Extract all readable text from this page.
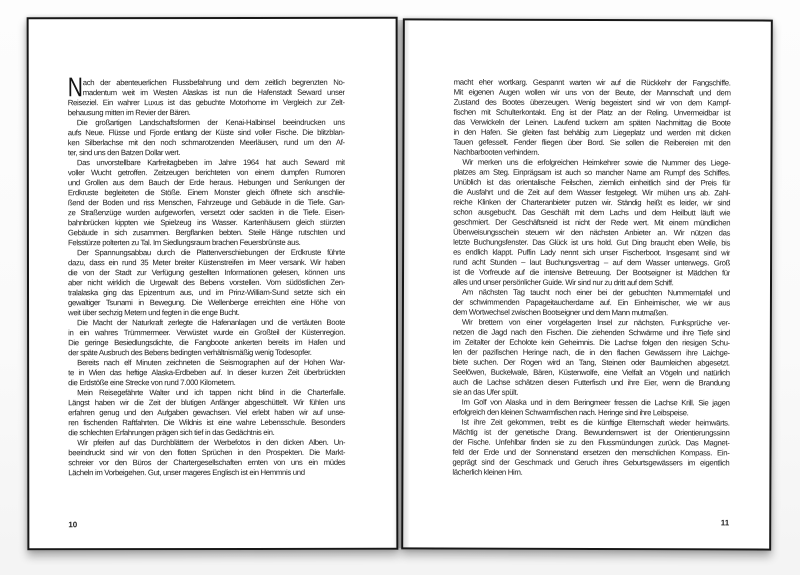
N ach der abenteuerlichen Flussbefahrung und dem zeitlich begrenzten No-
madentum weit im Westen Alaskas ist nun die Hafenstadt Seward unser
Reiseziel. Ein wahrer Luxus ist das gebuchte Motorhome im Vergleich zur Zelt-
behausung mitten im Revier der Bären.
Die großartigen Landschaftsformen der Kenai-Halbinsel beeindrucken uns
aufs Neue. Flüsse und Fjorde entlang der Küste sind voller Fische. Die blitzblan-
ken Silberlachse mit den noch schmarotzenden Meerläusen, rund um den Af-
ter, sind uns den Batzen Dollar wert.
Das unvorstellbare Karfreitagbeben im Jahre 1964 hat auch Seward mit
voller Wucht getroffen. Zeitzeugen berichteten von einem dumpfen Rumoren
und Grollen aus dem Bauch der Erde heraus. Hebungen und Senkungen der
Erdkruste begleiteten die Stöße. Einem Monster gleich öffnete sich anschlie-
ßend der Boden und riss Menschen, Fahrzeuge und Gebäude in die Tiefe. Gan-
ze Straßenzüge wurden aufgeworfen, versetzt oder sackten in die Tiefe. Eisen-
bahnbrücken kippten wie Spielzeug ins Wasser. Kartenhäusern gleich stürzten
Gebäude in sich zusammen. Bergflanken bebten. Steile Hänge rutschten und
Felsstürze polterten zu Tal. Im Siedlungsraum brachen Feuersbrünste aus.
Der Spannungsabbau durch die Plattenverschiebungen der Erdkruste führte
dazu, dass ein rund 35 Meter breiter Küstenstreifen im Meer versank. Wir haben
die von der Stadt zur Verfügung gestellten Informationen gelesen, können uns
aber nicht wirklich die Urgewalt des Bebens vorstellen. Vom südöstlichen Zen-
tralalaska ging das Epizentrum aus, und im Prinz-William-Sund setzte sich ein
gewaltiger Tsunami in Bewegung. Die Wellenberge erreichten eine Höhe von
weit über sechzig Metern und fegten in die enge Bucht.
Die Macht der Naturkraft zerlegte die Hafenanlagen und die vertäuten Boote
in ein wahres Trümmermeer. Verwüstet wurde ein Großteil der Küstenregion.
Die geringe Besiedlungsdichte, die Fangboote ankerten bereits im Hafen und
der späte Ausbruch des Bebens bedingten verhältnismäßig wenig Todesopfer.
Bereits nach elf Minuten zeichneten die Seismographen auf der Hohen War-
te in Wien das heftige Alaska-Erdbeben auf. In dieser kurzen Zeit überbrückten
die Erdstöße eine Strecke von rund 7.000 Kilometern.
Mein Reisegefährte Walter und ich tappen nicht blind in die Charterfalle.
Längst haben wir die Zeit der blutigen Anfänger abgeschüttelt. Wir fühlen uns
erfahren genug und den Aufgaben gewachsen. Viel erlebt haben wir auf unse-
ren fischenden Raftfahrten. Die Wildnis ist eine wahre Lebensschule. Besonders
die schlechten Erfahrungen prägen sich tief in das Gedächtnis ein.
Wir pfeifen auf das Durchblättern der Werbefotos in den dicken Alben. Un-
beeindruckt sind wir von den flotten Sprüchen in den Prospekten. Die Markt-
schreier vor den Büros der Chartergesellschaften ernten von uns ein müdes
Lächeln im Vorbeigehen. Gut, unser mageres Englisch ist ein Hemmnis und
10
macht eher wortkarg. Gespannt warten wir auf die Rückkehr der Fangschiffe.
Mit eigenen Augen wollen wir uns von der Beute, der Mannschaft und dem
Zustand des Bootes überzeugen. Wenig begeistert sind wir von dem Kampf-
fischen mit Schulterkontakt. Eng ist der Platz an der Reling. Unvermeidbar ist
das Verwickeln der Leinen. Laufend tuckern am späten Nachmittag die Boote
in den Hafen. Sie gleiten fast behäbig zum Liegeplatz und werden mit dicken
Tauen gefesselt. Fender fliegen über Bord. Sie sollen die Reibereien mit den
Nachbarbooten verhindern.
Wir merken uns die erfolgreichen Heimkehrer sowie die Nummer des Liege-
platzes am Steg. Einprägsam ist auch so mancher Name am Rumpf des Schiffes.
Unüblich ist das orientalische Feilschen, ziemlich einheitlich sind der Preis für
die Ausfahrt und die Zeit auf dem Wasser festgelegt. Wir mühen uns ab. Zahl-
reiche Klinken der Charteranbieter putzen wir. Ständig heißt es leider, wir sind
schon ausgebucht. Das Geschäft mit dem Lachs und dem Heilbutt läuft wie
geschmiert. Der Geschäftsneid ist nicht der Rede wert. Mit einem mündlichen
Überweisungsschein steuern wir den nächsten Anbieter an. Wir nützen das
letzte Buchungsfenster. Das Glück ist uns hold. Gut Ding braucht eben Weile, bis
es endlich klappt. Puffin Lady nennt sich unser Fischerboot. Insgesamt sind wir
rund acht Stunden – laut Buchungsvertrag – auf dem Wasser unterwegs. Groß
ist die Vorfreude auf die intensive Betreuung. Der Bootseigner ist Mädchen für
alles und unser persönlicher Guide. Wir sind nur zu dritt auf dem Schiff.
Am nächsten Tag taucht noch einer bei der gebuchten Nummerntafel und
der schwimmenden Papageitaucherdame auf. Ein Einheimischer, wie wir aus
dem Wortwechsel zwischen Bootseigner und dem Mann mutmaßen.
Wir brettern von einer vorgelagerten Insel zur nächsten. Funksprüche ver-
netzen die Jagd nach den Fischen. Die ziehenden Schwärme und ihre Tiefe sind
im Zeitalter der Echolote kein Geheimnis. Die Lachse folgen den riesigen Schu-
len der pazifischen Heringe nach, die in den flachen Gewässern ihre Laichge-
biete suchen. Der Rogen wird an Tang, Steinen oder Baumleichen abgesetzt.
Seelöwen, Buckelwale, Bären, Küstenwolfe, eine Vielfalt an Vögeln und natürlich
auch die Lachse schätzen diesen Futterfisch und ihre Eier, wenn die Brandung
sie an das Ufer spült.
Im Golf von Alaska und in dem Beringmeer fressen die Lachse Krill. Sie jagen
erfolgreich den kleinen Schwarmfischen nach. Heringe sind ihre Leibspeise.
Ist ihre Zeit gekommen, treibt es die künftige Elternschaft wieder heimwärts.
Mächtig ist der genetische Drang. Bewundernswert ist der Orientierungssinn
der Fische. Unfehlbar finden sie zu den Flussmündungen zurück. Das Magnet-
feld der Erde und der Sonnenstand ersetzen den menschlichen Kompass. Ein-
geprägt sind der Geschmack und Geruch ihres Geburtsgewässers im eigentlich
lächerlich kleinen Hirn.
11
